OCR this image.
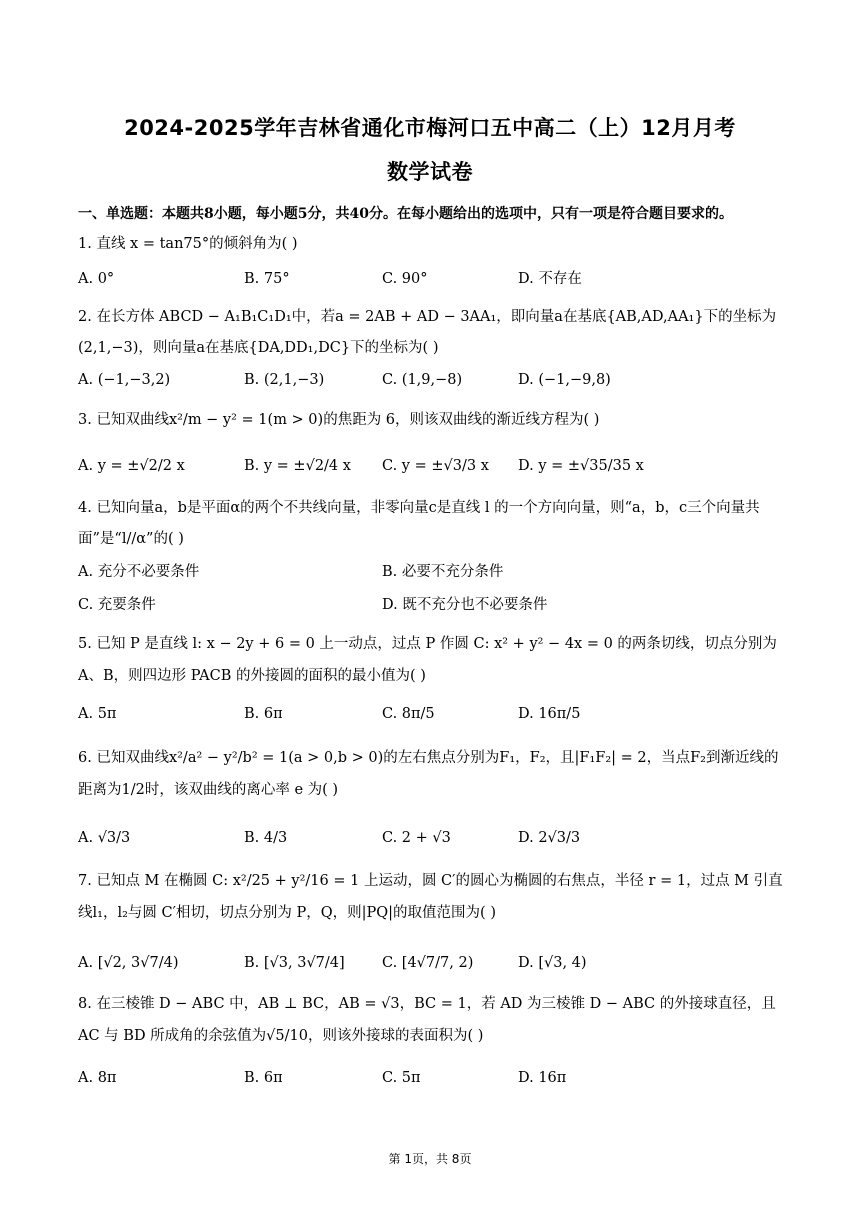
2024-2025学年吉林省通化市梅河口五中高二（上）12月月考
数学试卷
一、单选题：本题共8小题，每小题5分，共40分。在每小题给出的选项中，只有一项是符合题目要求的。
1. 直线 x = tan75°的倾斜角为( )
A. 0°	B. 75°	C. 90°	D. 不存在
2. 在长方体 ABCD − A₁B₁C₁D₁中，若a = 2AB + AD − 3AA₁，即向量a在基底{AB,AD,AA₁}下的坐标为(2,1,−3)，则向量a在基底{DA,DD₁,DC}下的坐标为( )
A. (−1,−3,2)	B. (2,1,−3)	C. (1,9,−8)	D. (−1,−9,8)
3. 已知双曲线x²/m − y² = 1(m > 0)的焦距为 6，则该双曲线的渐近线方程为( )
A. y = ±√2/2 x	B. y = ±√2/4 x C. y = ±√3/3 x D. y = ±√35/35 x
4. 已知向量a，b是平面α的两个不共线向量，非零向量c是直线 l 的一个方向向量，则“a，b，c三个向量共面”是“l//α”的( )
A. 充分不必要条件	B. 必要不充分条件
C. 充要条件	D. 既不充分也不必要条件
5. 已知 P 是直线 l: x − 2y + 6 = 0 上一动点，过点 P 作圆 C: x² + y² − 4x = 0 的两条切线，切点分别为 A、B，则四边形 PACB 的外接圆的面积的最小值为( )
A. 5π	B. 6π	C. 8π/5	D. 16π/5
6. 已知双曲线x²/a² − y²/b² = 1(a > 0,b > 0)的左右焦点分别为F₁，F₂，且|F₁F₂| = 2，当点F₂到渐近线的距离为1/2时，该双曲线的离心率 e 为( )
A. √3/3	B. 4/3	C. 2 + √3	D. 2√3/3
7. 已知点 M 在椭圆 C: x²/25 + y²/16 = 1 上运动，圆 C′的圆心为椭圆的右焦点，半径 r = 1，过点 M 引直线l₁，l₂与圆 C′相切，切点分别为 P，Q，则|PQ|的取值范围为( )
A. [√2, 3√7/4)	B. [√3, 3√7/4]	C. [4√7/7, 2)	D. [√3, 4)
8. 在三棱锥 D − ABC 中，AB ⊥ BC，AB = √3，BC = 1，若 AD 为三棱锥 D − ABC 的外接球直径，且 AC 与 BD 所成角的余弦值为√5/10，则该外接球的表面积为( )
A. 8π	B. 6π	C. 5π	D. 16π
第 1页，共 8页
